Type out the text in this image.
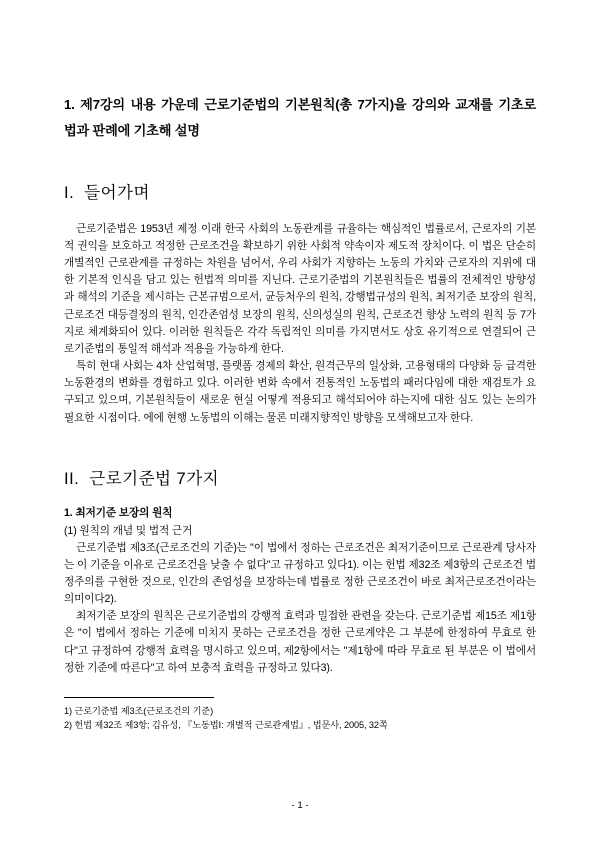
1. 제7강의 내용 가운데 근로기준법의 기본원칙(총 7가지)을 강의와 교재를 기초로 법과 판례에 기초해 설명
I. 들어가며

근로기준법은 1953년 제정 이래 한국 사회의 노동관계를 규율하는 핵심적인 법률로서, 근로자의 기본적 권익을 보호하고 적정한 근로조건을 확보하기 위한 사회적 약속이자 제도적 장치이다. 이 법은 단순히 개별적인 근로관계를 규정하는 차원을 넘어서, 우리 사회가 지향하는 노동의 가치와 근로자의 지위에 대한 기본적 인식을 담고 있는 헌법적 의미를 지닌다. 근로기준법의 기본원칙들은 법률의 전체적인 방향성과 해석의 기준을 제시하는 근본규범으로서, 균등처우의 원칙, 강행법규성의 원칙, 최저기준 보장의 원칙, 근로조건 대등결정의 원칙, 인간존엄성 보장의 원칙, 신의성실의 원칙, 근로조건 향상 노력의 원칙 등 7가지로 체계화되어 있다. 이러한 원칙들은 각각 독립적인 의미를 가지면서도 상호 유기적으로 연결되어 근로기준법의 통일적 해석과 적용을 가능하게 한다.

특히 현대 사회는 4차 산업혁명, 플랫폼 경제의 확산, 원격근무의 일상화, 고용형태의 다양화 등 급격한 노동환경의 변화를 경험하고 있다. 이러한 변화 속에서 전통적인 노동법의 패러다임에 대한 재검토가 요구되고 있으며, 기본원칙들이 새로운 현실 어떻게 적용되고 해석되어야 하는지에 대한 심도 있는 논의가 필요한 시점이다. 에에 현행 노동법의 이해는 물론 미래지향적인 방향을 모색해보고자 한다.

II. 근로기준법 7가지

1. 최저기준 보장의 원칙

(1) 원칙의 개념 및 법적 근거

근로기준법 제3조(근로조건의 기준)는 "이 법에서 정하는 근로조건은 최저기준이므로 근로관계 당사자는 이 기준을 이유로 근로조건을 낮출 수 없다"고 규정하고 있다1). 이는 헌법 제32조 제3항의 근로조건 법정주의를 구현한 것으로, 인간의 존엄성을 보장하는데 법률로 정한 근로조건이 바로 최저근로조건이라는 의미이다2).

최저기준 보장의 원칙은 근로기준법의 강행적 효력과 밀접한 관련을 갖는다. 근로기준법 제15조 제1항은 "이 법에서 정하는 기준에 미치지 못하는 근로조건을 정한 근로계약은 그 부분에 한정하여 무효로 한다"고 규정하여 강행적 효력을 명시하고 있으며, 제2항에서는 "제1항에 따라 무효로 된 부분은 이 법에서 정한 기준에 따른다"고 하여 보충적 효력을 규정하고 있다3).

1) 근로기준법 제3조(근로조건의 기준)

2) 헌법 제32조 제3항; 김유성, 『노동법Ⅰ: 개별적 근로관계법』, 법문사, 2005, 32쪽

- 1 -
